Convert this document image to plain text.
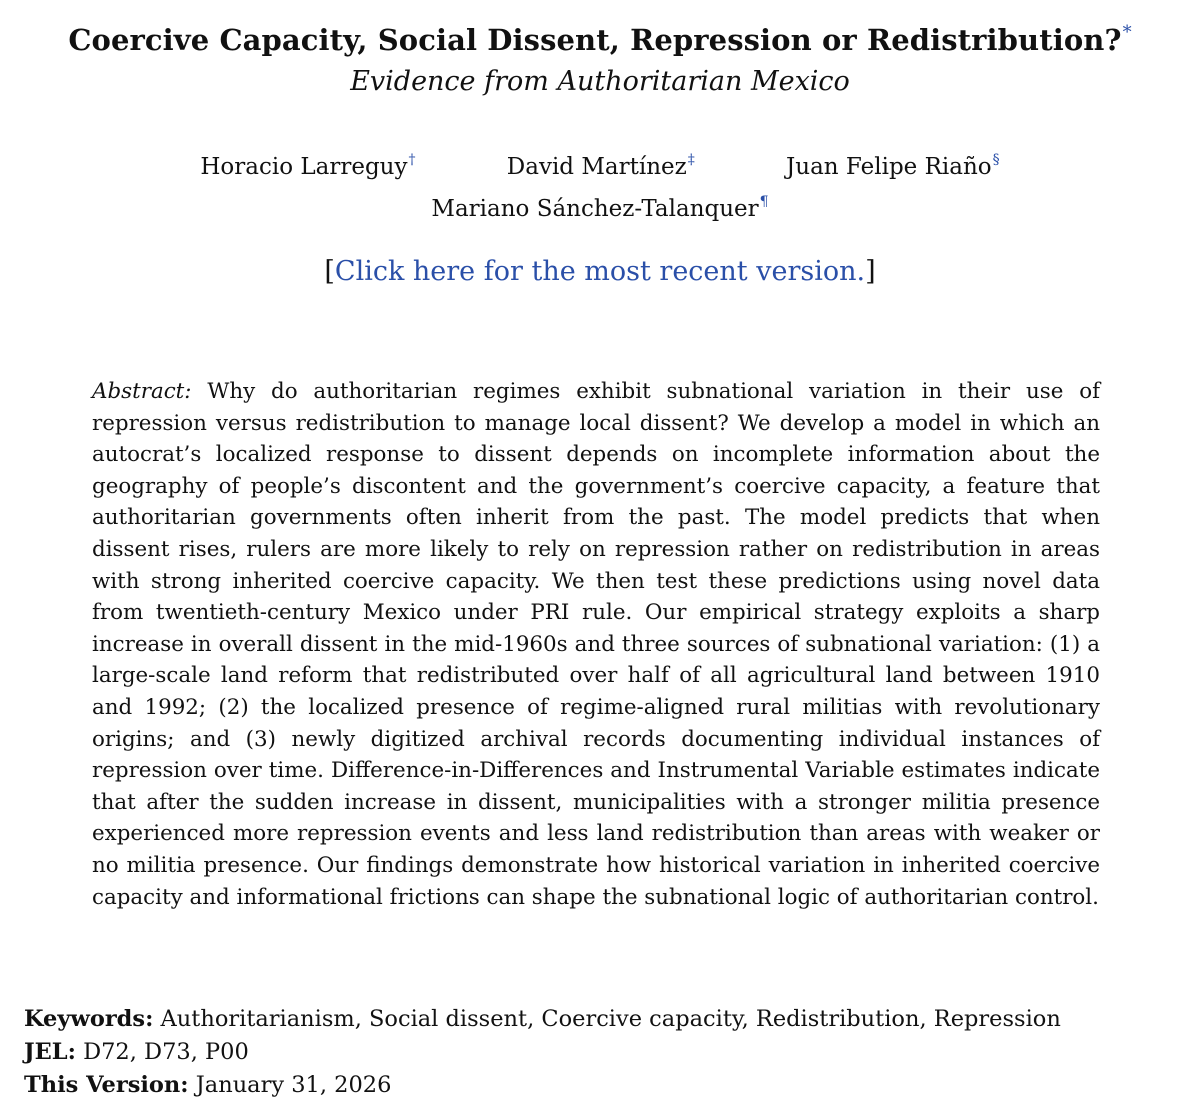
Coercive Capacity, Social Dissent, Repression or Redistribution?*
Evidence from Authoritarian Mexico
Horacio Larreguy†	David Martínez‡	Juan Felipe Riaño§
Mariano Sánchez-Talanquer¶
[Click here for the most recent version.]

Abstract: Why do authoritarian regimes exhibit subnational variation in their use of repression versus redistribution to manage local dissent? We develop a model in which an autocrat’s localized response to dissent depends on incomplete information about the geography of people’s discontent and the government’s coercive capacity, a feature that authoritarian governments often inherit from the past. The model predicts that when dissent rises, rulers are more likely to rely on repression rather on redistribution in areas with strong inherited coercive capacity. We then test these predictions using novel data from twentieth-century Mexico under PRI rule. Our empirical strategy exploits a sharp increase in overall dissent in the mid-1960s and three sources of subnational variation: (1) a large-scale land reform that redistributed over half of all agricultural land between 1910 and 1992; (2) the localized presence of regime-aligned rural militias with revolutionary origins; and (3) newly digitized archival records documenting individual instances of repression over time. Difference-in-Differences and Instrumental Variable estimates indicate that after the sudden increase in dissent, municipalities with a stronger militia presence experienced more repression events and less land redistribution than areas with weaker or no militia presence. Our findings demonstrate how historical variation in inherited coercive capacity and informational frictions can shape the subnational logic of authoritarian control.

Keywords: Authoritarianism, Social dissent, Coercive capacity, Redistribution, Repression
JEL: D72, D73, P00
This Version: January 31, 2026
